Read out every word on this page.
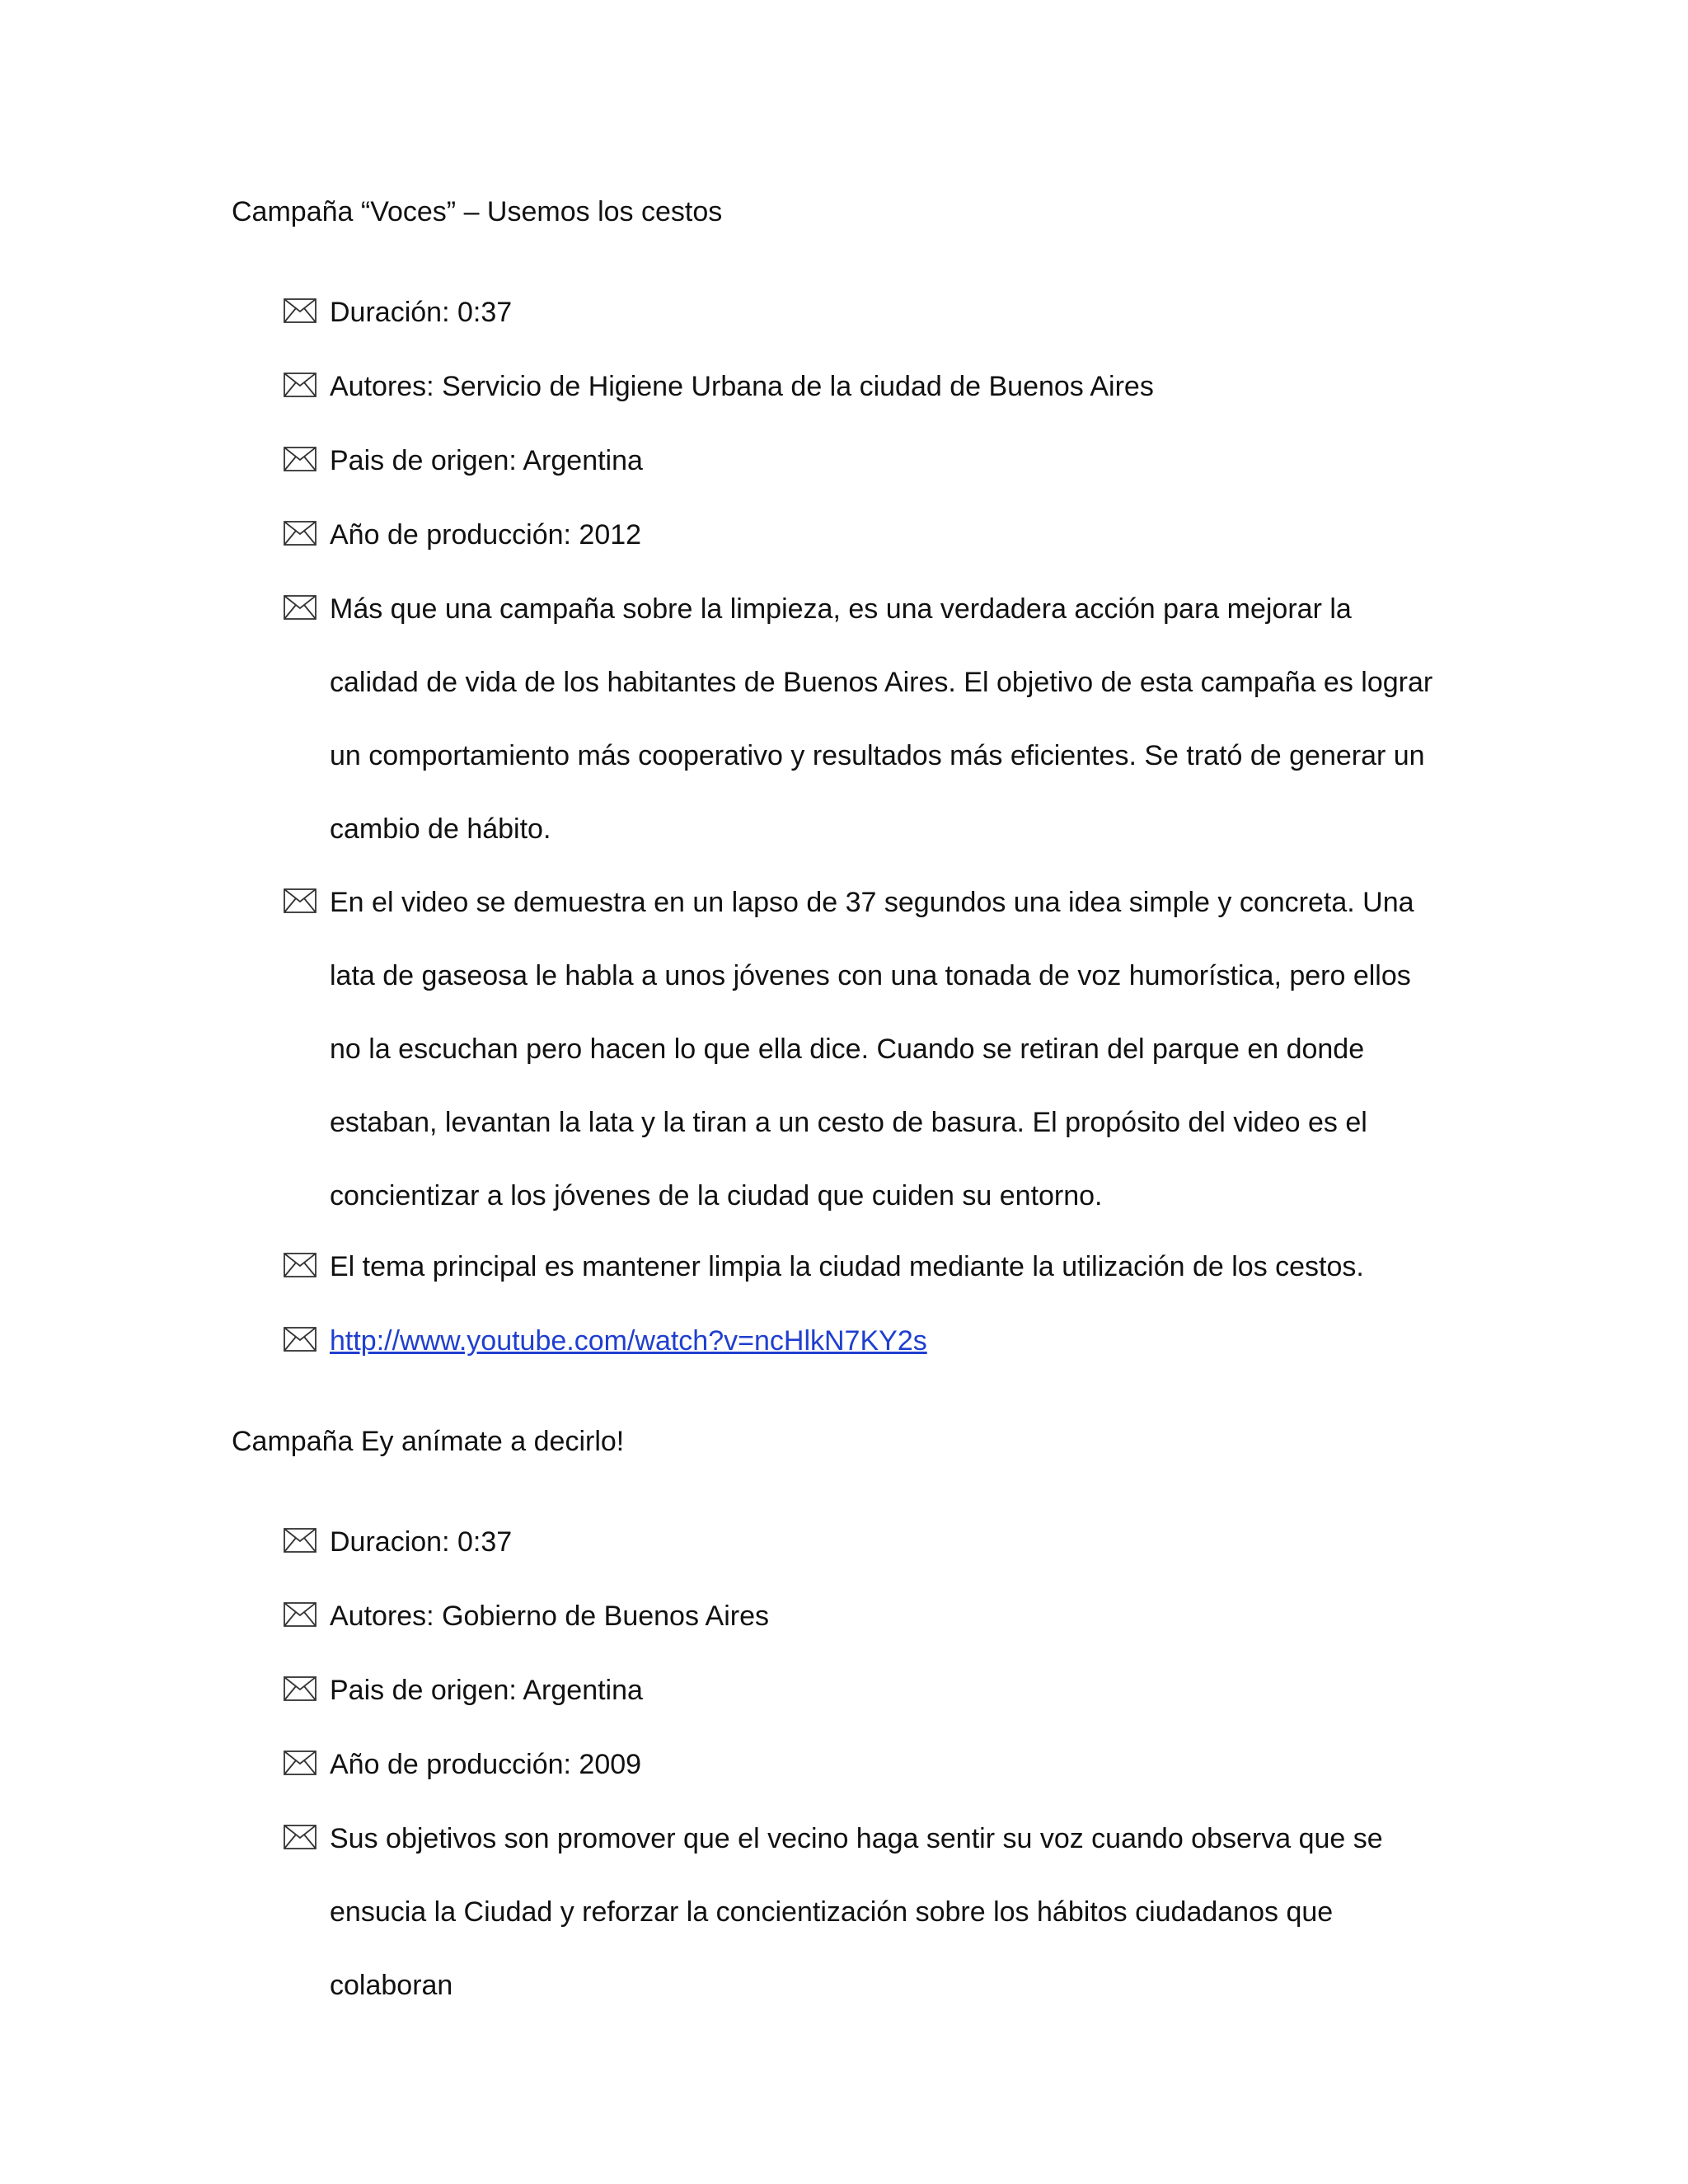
Campaña “Voces” – Usemos los cestos
Duración: 0:37
Autores: Servicio de Higiene Urbana de la ciudad de Buenos Aires
Pais de origen: Argentina
Año de producción: 2012
Más que una campaña sobre la limpieza, es una verdadera acción para mejorar la calidad de vida de los habitantes de Buenos Aires. El objetivo de esta campaña es lograr un comportamiento más cooperativo y resultados más eficientes. Se trató de generar un cambio de hábito.
En el video se demuestra en un lapso de 37 segundos una idea simple y concreta. Una lata de gaseosa le habla a unos jóvenes con una tonada de voz humorística, pero ellos no la escuchan pero hacen lo que ella dice. Cuando se retiran del parque en donde estaban, levantan la lata y la tiran a un cesto de basura. El propósito del video es el concientizar a los jóvenes de la ciudad que cuiden su entorno.
El tema principal es mantener limpia la ciudad mediante la utilización de los cestos.
http://www.youtube.com/watch?v=ncHlkN7KY2s
Campaña Ey anímate a decirlo!
Duracion: 0:37
Autores: Gobierno de Buenos Aires
Pais de origen: Argentina
Año de producción: 2009
Sus objetivos son promover que el vecino haga sentir su voz cuando observa que se ensucia la Ciudad y reforzar la concientización sobre los hábitos ciudadanos que colaboran
